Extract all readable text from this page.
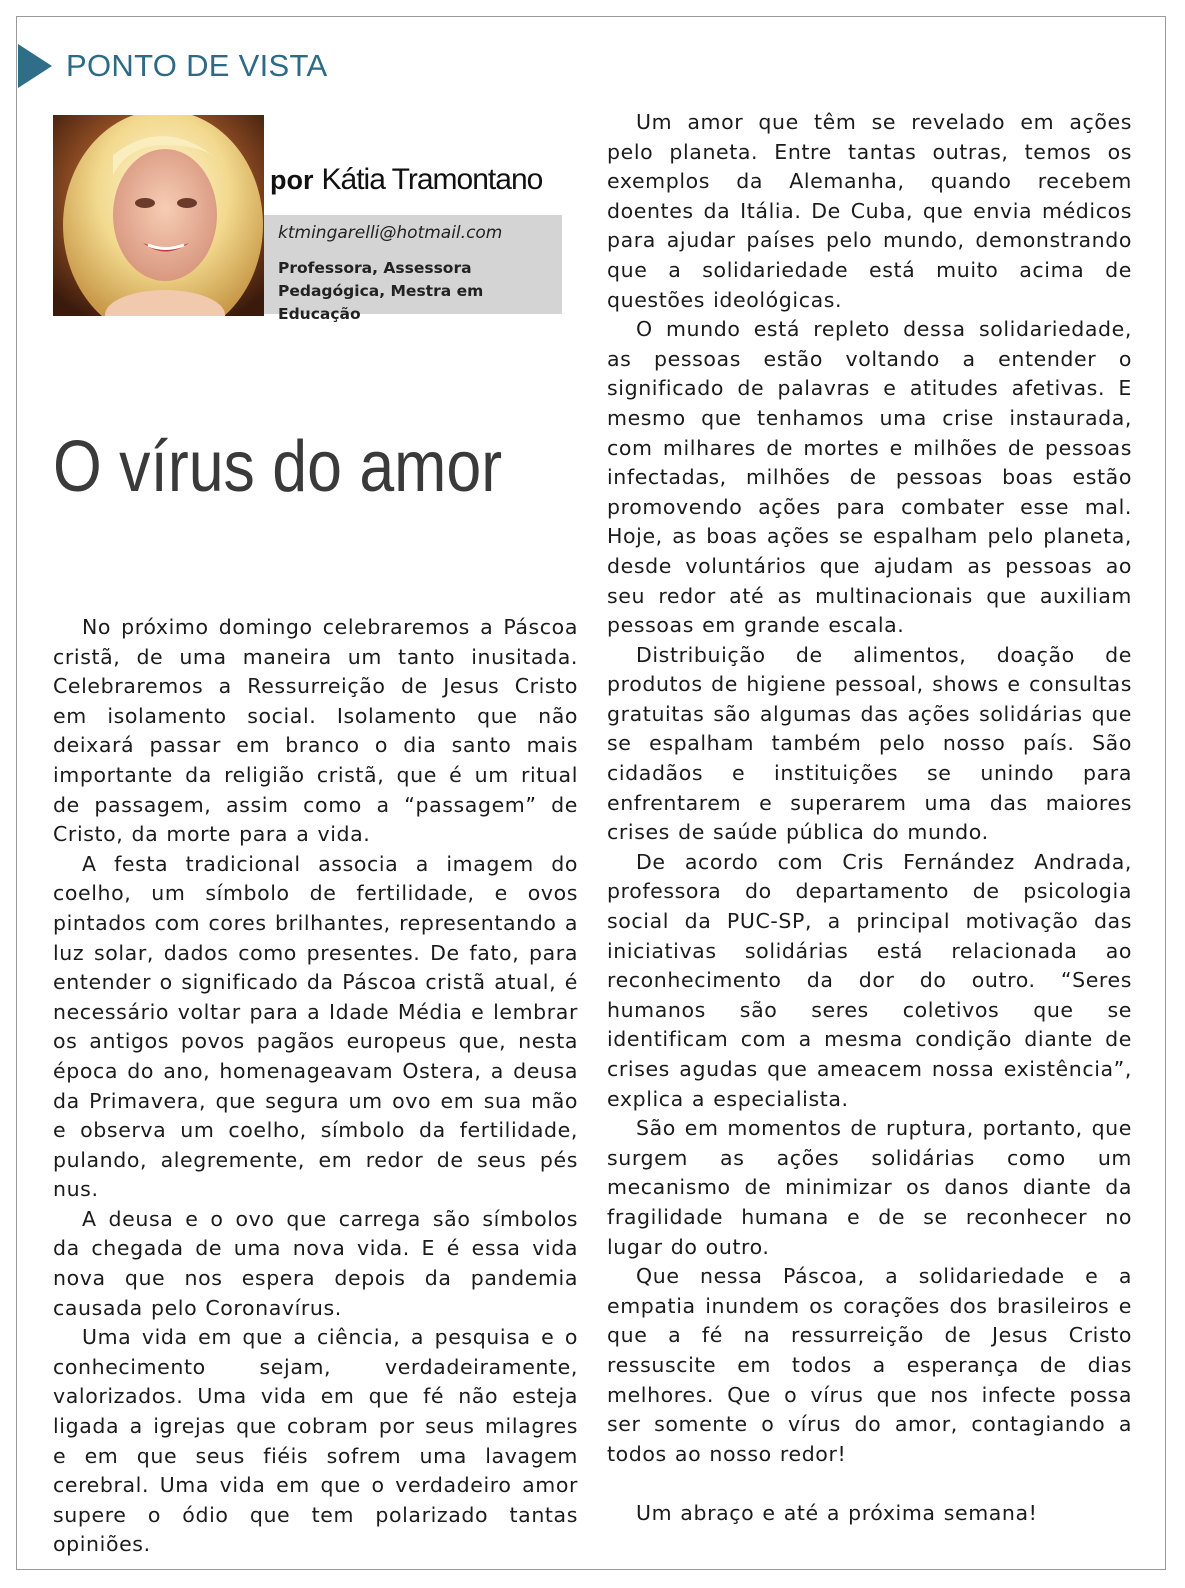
PONTO DE VISTA
por Kátia Tramontano
ktmingarelli@hotmail.com
Professora, Assessora Pedagógica, Mestra em Educação
O vírus do amor

No próximo domingo celebraremos a Páscoa cristã, de uma maneira um tanto inusitada. Celebraremos a Ressurreição de Jesus Cristo em isolamento social. Isolamento que não deixará passar em branco o dia santo mais importante da religião cristã, que é um ritual de passagem, assim como a “passagem” de Cristo, da morte para a vida.

A festa tradicional associa a imagem do coelho, um símbolo de fertilidade, e ovos pintados com cores brilhantes, representando a luz solar, dados como presentes. De fato, para entender o significado da Páscoa cristã atual, é necessário voltar para a Idade Média e lembrar os antigos povos pagãos europeus que, nesta época do ano, homenageavam Ostera, a deusa da Primavera, que segura um ovo em sua mão e observa um coelho, símbolo da fertilidade, pulando, alegremente, em redor de seus pés nus.

A deusa e o ovo que carrega são símbolos da chegada de uma nova vida. E é essa vida nova que nos espera depois da pandemia causada pelo Coronavírus.

Uma vida em que a ciência, a pesquisa e o conhecimento sejam, verdadeiramente, valorizados. Uma vida em que fé não esteja ligada a igrejas que cobram por seus milagres e em que seus fiéis sofrem uma lavagem cerebral. Uma vida em que o verdadeiro amor supere o ódio que tem polarizado tantas opiniões.

Um amor que têm se revelado em ações pelo planeta. Entre tantas outras, temos os exemplos da Alemanha, quando recebem doentes da Itália. De Cuba, que envia médicos para ajudar países pelo mundo, demonstrando que a solidariedade está muito acima de questões ideológicas.

O mundo está repleto dessa solidariedade, as pessoas estão voltando a entender o significado de palavras e atitudes afetivas. E mesmo que tenhamos uma crise instaurada, com milhares de mortes e milhões de pessoas infectadas, milhões de pessoas boas estão promovendo ações para combater esse mal. Hoje, as boas ações se espalham pelo planeta, desde voluntários que ajudam as pessoas ao seu redor até as multinacionais que auxiliam pessoas em grande escala.

Distribuição de alimentos, doação de produtos de higiene pessoal, shows e consultas gratuitas são algumas das ações solidárias que se espalham também pelo nosso país. São cidadãos e instituições se unindo para enfrentarem e superarem uma das maiores crises de saúde pública do mundo.

De acordo com Cris Fernández Andrada, professora do departamento de psicologia social da PUC-SP, a principal motivação das iniciativas solidárias está relacionada ao reconhecimento da dor do outro. “Seres humanos são seres coletivos que se identificam com a mesma condição diante de crises agudas que ameacem nossa existência”, explica a especialista.

São em momentos de ruptura, portanto, que surgem as ações solidárias como um mecanismo de minimizar os danos diante da fragilidade humana e de se reconhecer no lugar do outro.

Que nessa Páscoa, a solidariedade e a empatia inundem os corações dos brasileiros e que a fé na ressurreição de Jesus Cristo ressuscite em todos a esperança de dias melhores. Que o vírus que nos infecte possa ser somente o vírus do amor, contagiando a todos ao nosso redor!

Um abraço e até a próxima semana!
